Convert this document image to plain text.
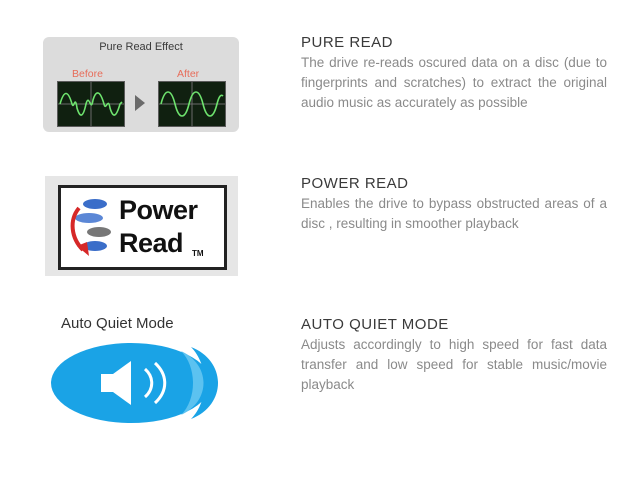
Pure Read Effect
Before	After
PURE READ
The drive re-reads oscured data on a disc (due to fingerprints and scratches) to extract the original audio music as accurately as possible
Power
Read TM
POWER READ
Enables the drive to bypass obstructed areas of a disc , resulting in smoother playback
Auto Quiet Mode	AUTO QUIET MODE
Adjusts accordingly to high speed for fast data transfer and low speed for stable music/movie playback
